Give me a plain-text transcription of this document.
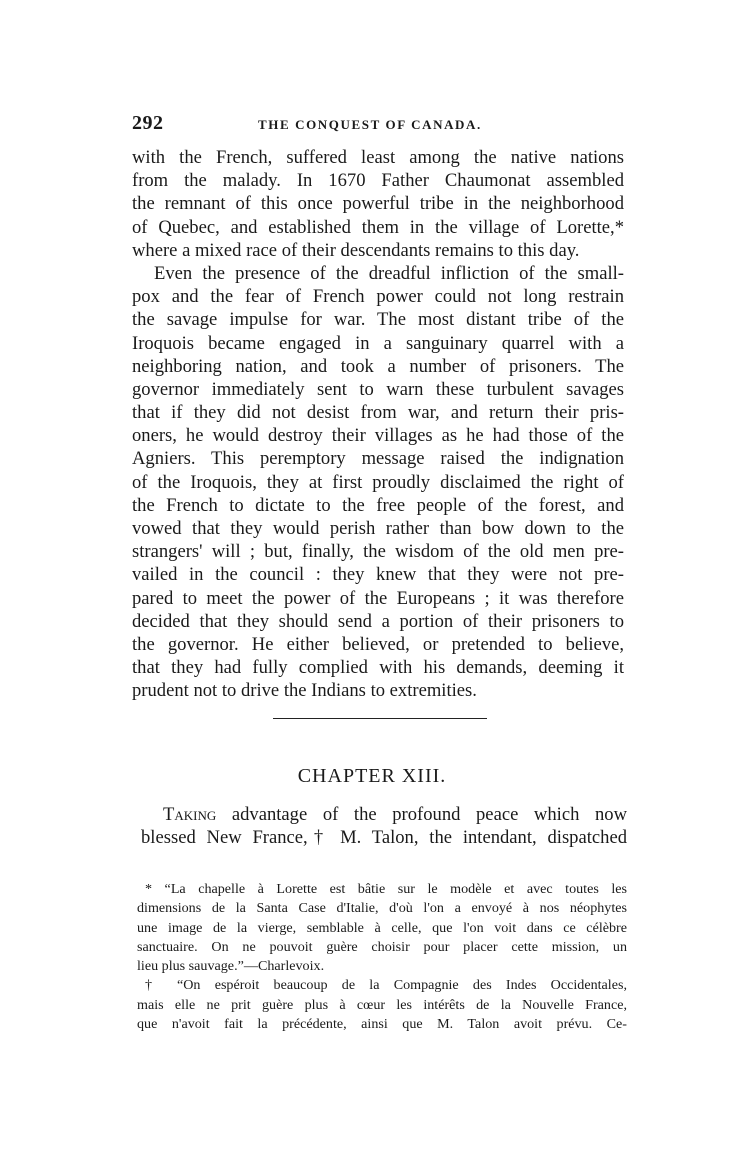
292	THE CONQUEST OF CANADA.
with the French, suffered least among the native nations
from the malady. In 1670 Father Chaumonat assembled
the remnant of this once powerful tribe in the neighborhood
of Quebec, and established them in the village of Lorette,*
where a mixed race of their descendants remains to this day.
Even the presence of the dreadful infliction of the small-
pox and the fear of French power could not long restrain
the savage impulse for war. The most distant tribe of the
Iroquois became engaged in a sanguinary quarrel with a
neighboring nation, and took a number of prisoners. The
governor immediately sent to warn these turbulent savages
that if they did not desist from war, and return their pris-
oners, he would destroy their villages as he had those of the
Agniers. This peremptory message raised the indignation
of the Iroquois, they at first proudly disclaimed the right of
the French to dictate to the free people of the forest, and
vowed that they would perish rather than bow down to the
strangers' will ; but, finally, the wisdom of the old men pre-
vailed in the council : they knew that they were not pre-
pared to meet the power of the Europeans ; it was therefore
decided that they should send a portion of their prisoners to
the governor. He either believed, or pretended to believe,
that they had fully complied with his demands, deeming it
prudent not to drive the Indians to extremities.
CHAPTER XIII.
Taking advantage of the profound peace which now
blessed New France,† M. Talon, the intendant, dispatched
* “La chapelle à Lorette est bâtie sur le modèle et avec toutes les
dimensions de la Santa Case d'Italie, d'où l'on a envoyé à nos néophytes
une image de la vierge, semblable à celle, que l'on voit dans ce célèbre
sanctuaire. On ne pouvoit guère choisir pour placer cette mission, un
lieu plus sauvage.”—Charlevoix.
† “On espéroit beaucoup de la Compagnie des Indes Occidentales,
mais elle ne prit guère plus à cœur les intérêts de la Nouvelle France,
que n'avoit fait la précédente, ainsi que M. Talon avoit prévu. Ce-
